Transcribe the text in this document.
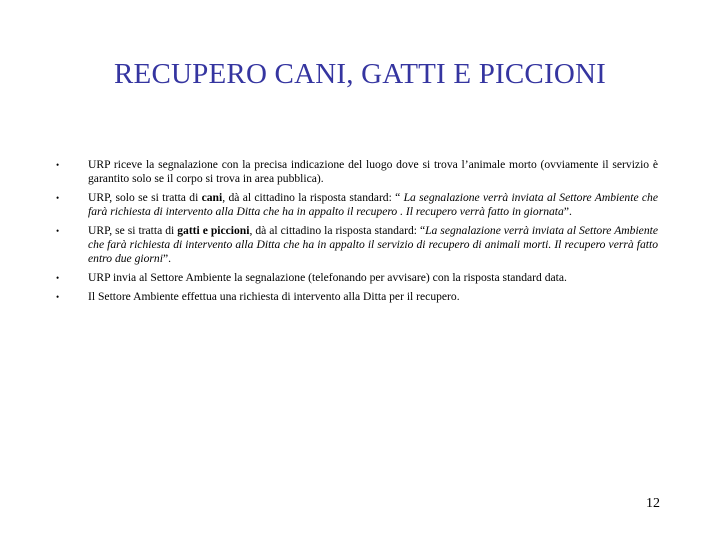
RECUPERO CANI, GATTI E PICCIONI
• URP riceve la segnalazione con la precisa indicazione del luogo dove si trova l’animale morto (ovviamente il servizio è garantito solo se il corpo si trova in area pubblica).
• URP, solo se si tratta di cani, dà al cittadino la risposta standard: “ La segnalazione verrà inviata al Settore Ambiente che farà richiesta di intervento alla Ditta che ha in appalto il recupero . Il recupero verrà fatto in giornata”.
• URP, se si tratta di gatti e piccioni, dà al cittadino la risposta standard: “La segnalazione verrà inviata al Settore Ambiente che farà richiesta di intervento alla Ditta che ha in appalto il servizio di recupero di animali morti. Il recupero verrà fatto entro due giorni”.
• URP invia al Settore Ambiente la segnalazione (telefonando per avvisare) con la risposta standard data.
• Il Settore Ambiente effettua una richiesta di intervento alla Ditta per il recupero.
12
